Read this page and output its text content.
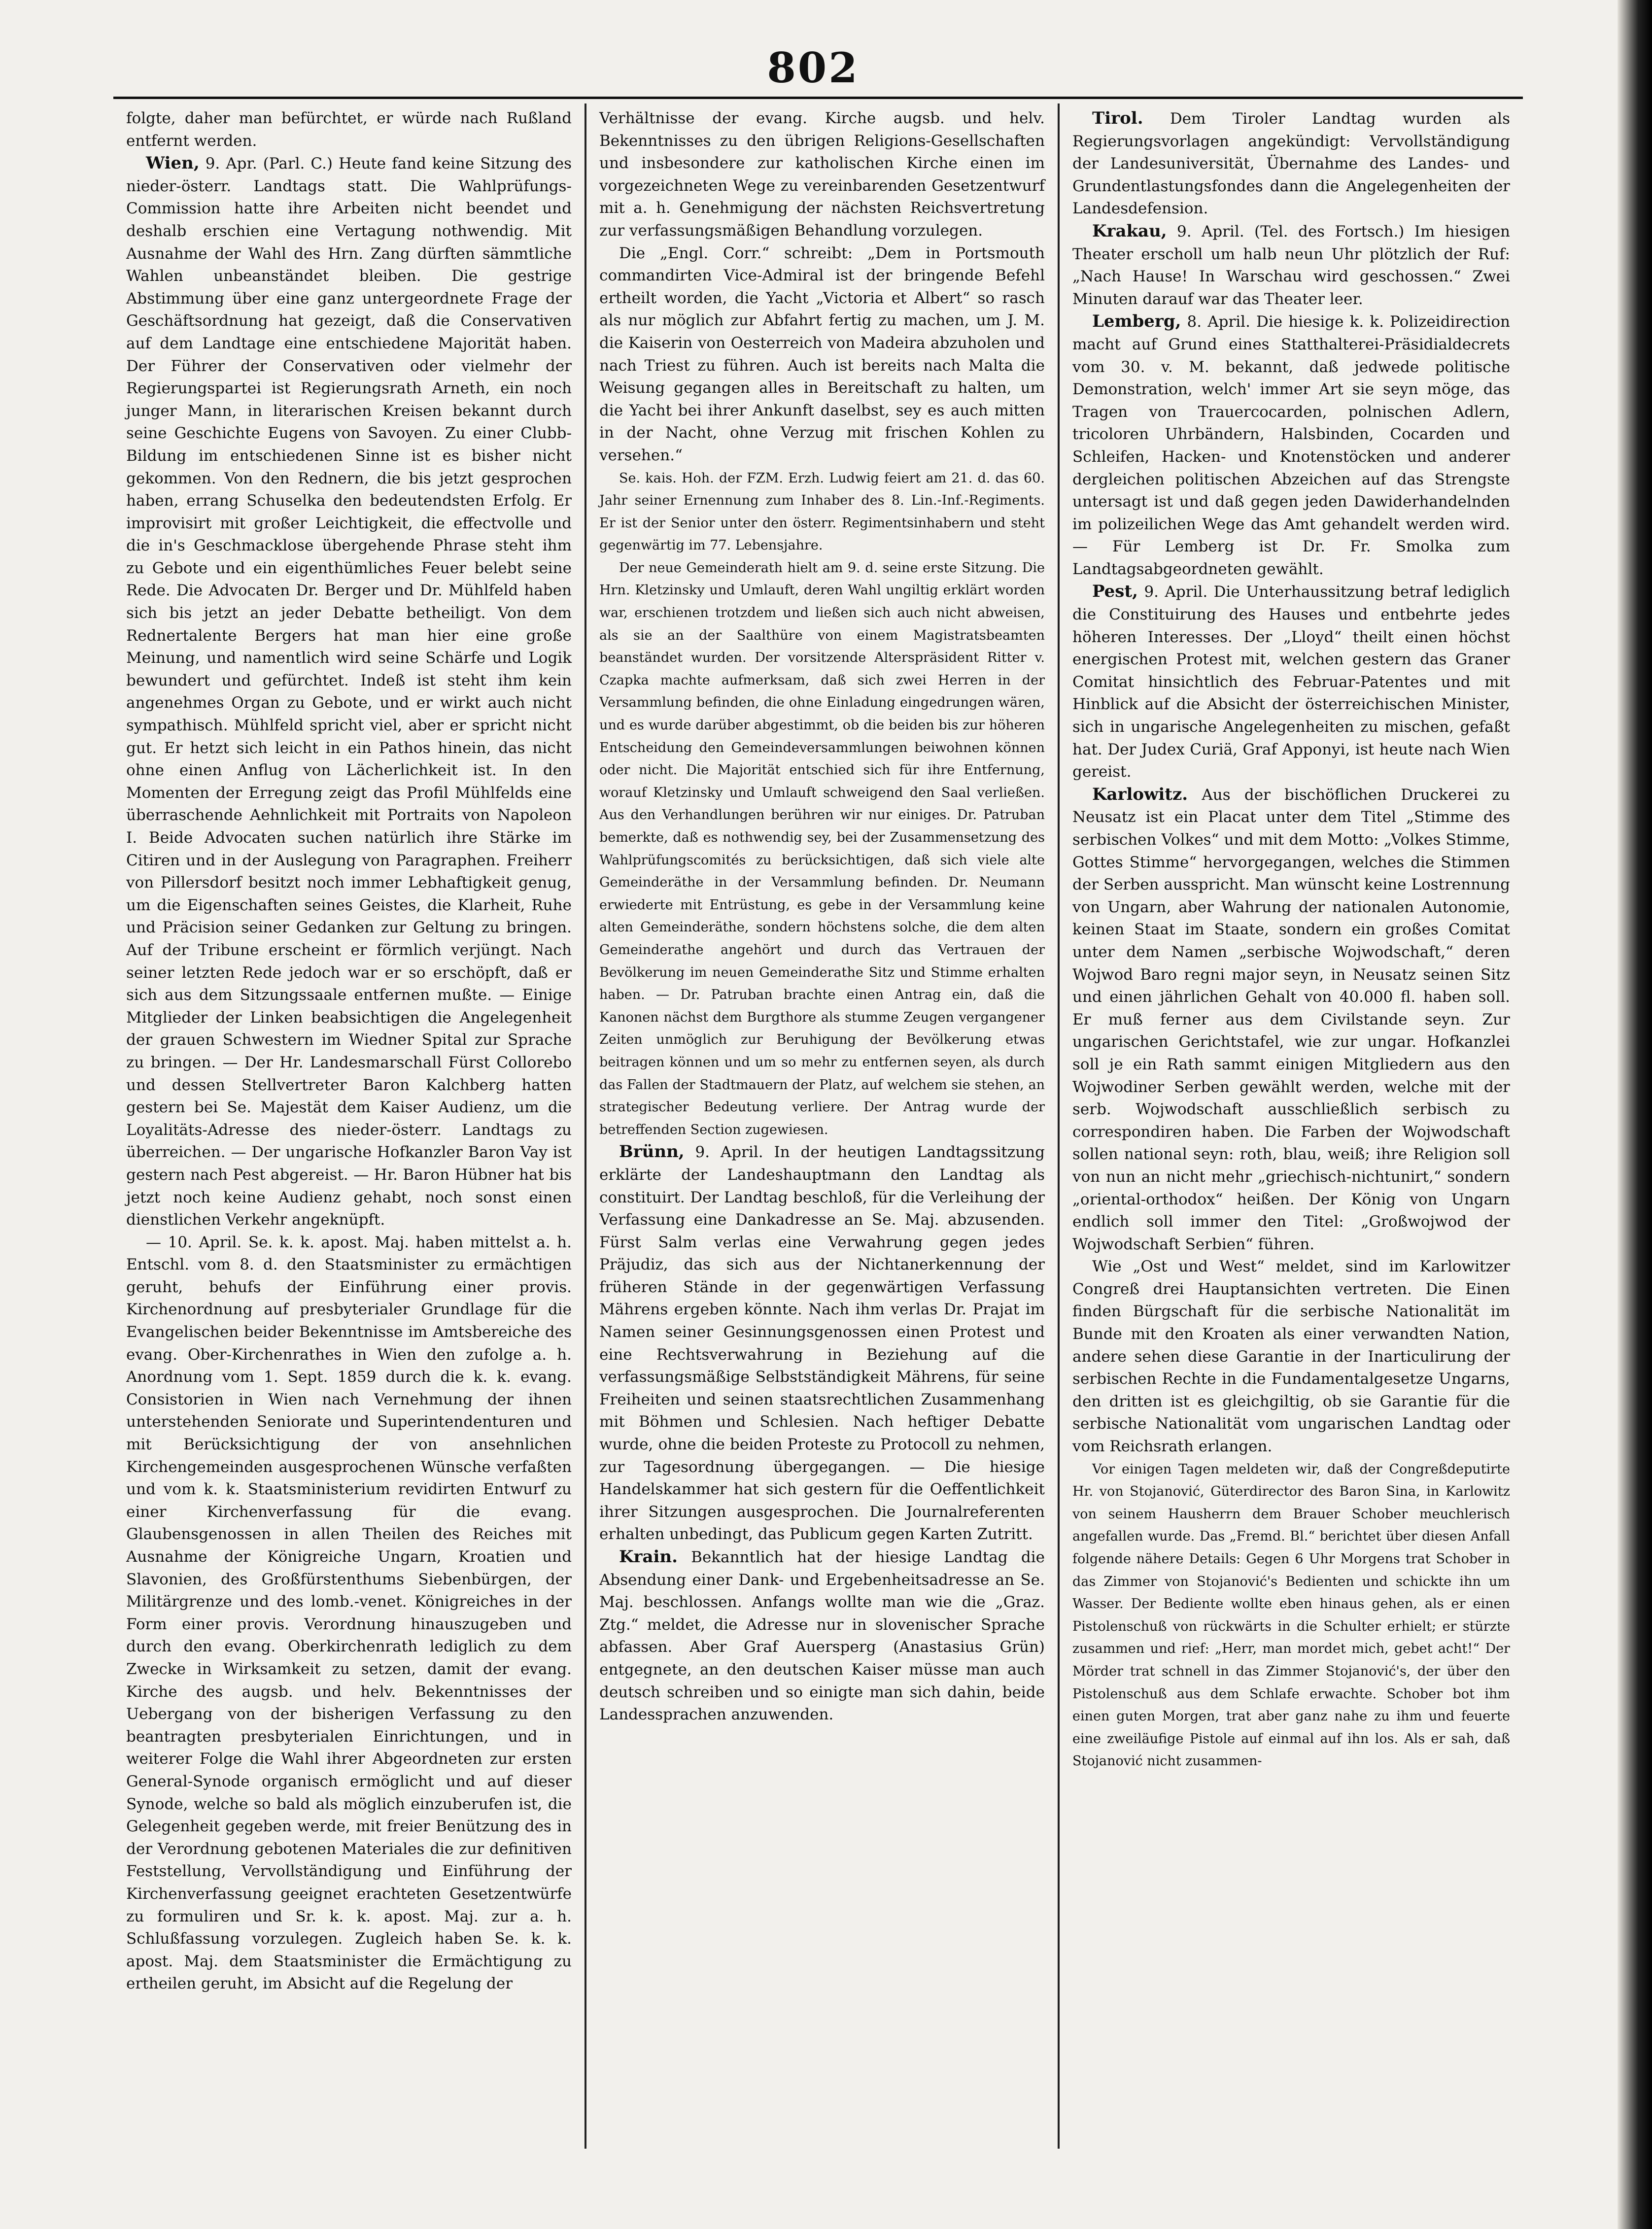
802

folgte, daher man befürchtet, er würde nach Rußland entfernt werden.

Wien, 9. Apr. (Parl. C.) Heute fand keine Sitzung des nieder-österr. Landtags statt. Die Wahlprüfungs-Commission hatte ihre Arbeiten nicht beendet und deshalb erschien eine Vertagung nothwendig. Mit Ausnahme der Wahl des Hrn. Zang dürften sämmtliche Wahlen unbeanständet bleiben. Die gestrige Abstimmung über eine ganz untergeordnete Frage der Geschäftsordnung hat gezeigt, daß die Conservativen auf dem Landtage eine entschiedene Majorität haben. Der Führer der Conservativen oder vielmehr der Regierungspartei ist Regierungsrath Arneth, ein noch junger Mann, in literarischen Kreisen bekannt durch seine Geschichte Eugens von Savoyen. Zu einer Clubb-Bildung im entschiedenen Sinne ist es bisher nicht gekommen. Von den Rednern, die bis jetzt gesprochen haben, errang Schuselka den bedeutendsten Erfolg. Er improvisirt mit großer Leichtigkeit, die effectvolle und die in's Geschmacklose übergehende Phrase steht ihm zu Gebote und ein eigenthümliches Feuer belebt seine Rede. Die Advocaten Dr. Berger und Dr. Mühlfeld haben sich bis jetzt an jeder Debatte betheiligt. Von dem Rednertalente Bergers hat man hier eine große Meinung, und namentlich wird seine Schärfe und Logik bewundert und gefürchtet. Indeß ist steht ihm kein angenehmes Organ zu Gebote, und er wirkt auch nicht sympathisch. Mühlfeld spricht viel, aber er spricht nicht gut. Er hetzt sich leicht in ein Pathos hinein, das nicht ohne einen Anflug von Lächerlichkeit ist. In den Momenten der Erregung zeigt das Profil Mühlfelds eine überraschende Aehnlichkeit mit Portraits von Napoleon I. Beide Advocaten suchen natürlich ihre Stärke im Citiren und in der Auslegung von Paragraphen. Freiherr von Pillersdorf besitzt noch immer Lebhaftigkeit genug, um die Eigenschaften seines Geistes, die Klarheit, Ruhe und Präcision seiner Gedanken zur Geltung zu bringen. Auf der Tribune erscheint er förmlich verjüngt. Nach seiner letzten Rede jedoch war er so erschöpft, daß er sich aus dem Sitzungssaale entfernen mußte. — Einige Mitglieder der Linken beabsichtigen die Angelegenheit der grauen Schwestern im Wiedner Spital zur Sprache zu bringen. — Der Hr. Landesmarschall Fürst Collorebo und dessen Stellvertreter Baron Kalchberg hatten gestern bei Se. Majestät dem Kaiser Audienz, um die Loyalitäts-Adresse des nieder-österr. Landtags zu überreichen. — Der ungarische Hofkanzler Baron Vay ist gestern nach Pest abgereist. — Hr. Baron Hübner hat bis jetzt noch keine Audienz gehabt, noch sonst einen dienstlichen Verkehr angeknüpft.

— 10. April. Se. k. k. apost. Maj. haben mittelst a. h. Entschl. vom 8. d. den Staatsminister zu ermächtigen geruht, behufs der Einführung einer provis. Kirchenordnung auf presbyterialer Grundlage für die Evangelischen beider Bekenntnisse im Amtsbereiche des evang. Ober-Kirchenrathes in Wien den zufolge a. h. Anordnung vom 1. Sept. 1859 durch die k. k. evang. Consistorien in Wien nach Vernehmung der ihnen unterstehenden Seniorate und Superintendenturen und mit Berücksichtigung der von ansehnlichen Kirchengemeinden ausgesprochenen Wünsche verfaßten und vom k. k. Staatsministerium revidirten Entwurf zu einer Kirchenverfassung für die evang. Glaubensgenossen in allen Theilen des Reiches mit Ausnahme der Königreiche Ungarn, Kroatien und Slavonien, des Großfürstenthums Siebenbürgen, der Militärgrenze und des lomb.-venet. Königreiches in der Form einer provis. Verordnung hinauszugeben und durch den evang. Oberkirchenrath lediglich zu dem Zwecke in Wirksamkeit zu setzen, damit der evang. Kirche des augsb. und helv. Bekenntnisses der Uebergang von der bisherigen Verfassung zu den beantragten presbyterialen Einrichtungen, und in weiterer Folge die Wahl ihrer Abgeordneten zur ersten General-Synode organisch ermöglicht und auf dieser Synode, welche so bald als möglich einzuberufen ist, die Gelegenheit gegeben werde, mit freier Benützung des in der Verordnung gebotenen Materiales die zur definitiven Feststellung, Vervollständigung und Einführung der Kirchenverfassung geeignet erachteten Gesetzentwürfe zu formuliren und Sr. k. k. apost. Maj. zur a. h. Schlußfassung vorzulegen. Zugleich haben Se. k. k. apost. Maj. dem Staatsminister die Ermächtigung zu ertheilen geruht, im Absicht auf die Regelung der

Verhältnisse der evang. Kirche augsb. und helv. Bekenntnisses zu den übrigen Religions-Gesellschaften und insbesondere zur katholischen Kirche einen im vorgezeichneten Wege zu vereinbarenden Gesetzentwurf mit a. h. Genehmigung der nächsten Reichsvertretung zur verfassungsmäßigen Behandlung vorzulegen.

Die „Engl. Corr.“ schreibt: „Dem in Portsmouth commandirten Vice-Admiral ist der bringende Befehl ertheilt worden, die Yacht „Victoria et Albert“ so rasch als nur möglich zur Abfahrt fertig zu machen, um J. M. die Kaiserin von Oesterreich von Madeira abzuholen und nach Triest zu führen. Auch ist bereits nach Malta die Weisung gegangen alles in Bereitschaft zu halten, um die Yacht bei ihrer Ankunft daselbst, sey es auch mitten in der Nacht, ohne Verzug mit frischen Kohlen zu versehen.“

Se. kais. Hoh. der FZM. Erzh. Ludwig feiert am 21. d. das 60. Jahr seiner Ernennung zum Inhaber des 8. Lin.-Inf.-Regiments. Er ist der Senior unter den österr. Regimentsinhabern und steht gegenwärtig im 77. Lebensjahre.

Der neue Gemeinderath hielt am 9. d. seine erste Sitzung. Die Hrn. Kletzinsky und Umlauft, deren Wahl ungiltig erklärt worden war, erschienen trotzdem und ließen sich auch nicht abweisen, als sie an der Saalthüre von einem Magistratsbeamten beanständet wurden. Der vorsitzende Alterspräsident Ritter v. Czapka machte aufmerksam, daß sich zwei Herren in der Versammlung befinden, die ohne Einladung eingedrungen wären, und es wurde darüber abgestimmt, ob die beiden bis zur höheren Entscheidung den Gemeindeversammlungen beiwohnen können oder nicht. Die Majorität entschied sich für ihre Entfernung, worauf Kletzinsky und Umlauft schweigend den Saal verließen. Aus den Verhandlungen berühren wir nur einiges. Dr. Patruban bemerkte, daß es nothwendig sey, bei der Zusammensetzung des Wahlprüfungscomités zu berücksichtigen, daß sich viele alte Gemeinderäthe in der Versammlung befinden. Dr. Neumann erwiederte mit Entrüstung, es gebe in der Versammlung keine alten Gemeinderäthe, sondern höchstens solche, die dem alten Gemeinderathe angehört und durch das Vertrauen der Bevölkerung im neuen Gemeinderathe Sitz und Stimme erhalten haben. — Dr. Patruban brachte einen Antrag ein, daß die Kanonen nächst dem Burgthore als stumme Zeugen vergangener Zeiten unmöglich zur Beruhigung der Bevölkerung etwas beitragen können und um so mehr zu entfernen seyen, als durch das Fallen der Stadtmauern der Platz, auf welchem sie stehen, an strategischer Bedeutung verliere. Der Antrag wurde der betreffenden Section zugewiesen.

Brünn, 9. April. In der heutigen Landtagssitzung erklärte der Landeshauptmann den Landtag als constituirt. Der Landtag beschloß, für die Verleihung der Verfassung eine Dankadresse an Se. Maj. abzusenden. Fürst Salm verlas eine Verwahrung gegen jedes Präjudiz, das sich aus der Nichtanerkennung der früheren Stände in der gegenwärtigen Verfassung Mährens ergeben könnte. Nach ihm verlas Dr. Prajat im Namen seiner Gesinnungsgenossen einen Protest und eine Rechtsverwahrung in Beziehung auf die verfassungsmäßige Selbstständigkeit Mährens, für seine Freiheiten und seinen staatsrechtlichen Zusammenhang mit Böhmen und Schlesien. Nach heftiger Debatte wurde, ohne die beiden Proteste zu Protocoll zu nehmen, zur Tagesordnung übergegangen. — Die hiesige Handelskammer hat sich gestern für die Oeffentlichkeit ihrer Sitzungen ausgesprochen. Die Journalreferenten erhalten unbedingt, das Publicum gegen Karten Zutritt.

Krain. Bekanntlich hat der hiesige Landtag die Absendung einer Dank- und Ergebenheitsadresse an Se. Maj. beschlossen. Anfangs wollte man wie die „Graz. Ztg.“ meldet, die Adresse nur in slovenischer Sprache abfassen. Aber Graf Auersperg (Anastasius Grün) entgegnete, an den deutschen Kaiser müsse man auch deutsch schreiben und so einigte man sich dahin, beide Landessprachen anzuwenden.

Tirol. Dem Tiroler Landtag wurden als Regierungsvorlagen angekündigt: Vervollständigung der Landesuniversität, Übernahme des Landes- und Grundentlastungsfondes dann die Angelegenheiten der Landesdefension.

Krakau, 9. April. (Tel. des Fortsch.) Im hiesigen Theater erscholl um halb neun Uhr plötzlich der Ruf: „Nach Hause! In Warschau wird geschossen.“ Zwei Minuten darauf war das Theater leer.

Lemberg, 8. April. Die hiesige k. k. Polizeidirection macht auf Grund eines Statthalterei-Präsidialdecrets vom 30. v. M. bekannt, daß jedwede politische Demonstration, welch' immer Art sie seyn möge, das Tragen von Trauercocarden, polnischen Adlern, tricoloren Uhrbändern, Halsbinden, Cocarden und Schleifen, Hacken- und Knotenstöcken und anderer dergleichen politischen Abzeichen auf das Strengste untersagt ist und daß gegen jeden Dawiderhandelnden im polizeilichen Wege das Amt gehandelt werden wird. — Für Lemberg ist Dr. Fr. Smolka zum Landtagsabgeordneten gewählt.

Pest, 9. April. Die Unterhaussitzung betraf lediglich die Constituirung des Hauses und entbehrte jedes höheren Interesses. Der „Lloyd“ theilt einen höchst energischen Protest mit, welchen gestern das Graner Comitat hinsichtlich des Februar-Patentes und mit Hinblick auf die Absicht der österreichischen Minister, sich in ungarische Angelegenheiten zu mischen, gefaßt hat. Der Judex Curiä, Graf Apponyi, ist heute nach Wien gereist.

Karlowitz. Aus der bischöflichen Druckerei zu Neusatz ist ein Placat unter dem Titel „Stimme des serbischen Volkes“ und mit dem Motto: „Volkes Stimme, Gottes Stimme“ hervorgegangen, welches die Stimmen der Serben ausspricht. Man wünscht keine Lostrennung von Ungarn, aber Wahrung der nationalen Autonomie, keinen Staat im Staate, sondern ein großes Comitat unter dem Namen „serbische Wojwodschaft,“ deren Wojwod Baro regni major seyn, in Neusatz seinen Sitz und einen jährlichen Gehalt von 40.000 fl. haben soll. Er muß ferner aus dem Civilstande seyn. Zur ungarischen Gerichtstafel, wie zur ungar. Hofkanzlei soll je ein Rath sammt einigen Mitgliedern aus den Wojwodiner Serben gewählt werden, welche mit der serb. Wojwodschaft ausschließlich serbisch zu correspondiren haben. Die Farben der Wojwodschaft sollen national seyn: roth, blau, weiß; ihre Religion soll von nun an nicht mehr „griechisch-nichtunirt,“ sondern „oriental-orthodox“ heißen. Der König von Ungarn endlich soll immer den Titel: „Großwojwod der Wojwodschaft Serbien“ führen.

Wie „Ost und West“ meldet, sind im Karlowitzer Congreß drei Hauptansichten vertreten. Die Einen finden Bürgschaft für die serbische Nationalität im Bunde mit den Kroaten als einer verwandten Nation, andere sehen diese Garantie in der Inarticulirung der serbischen Rechte in die Fundamentalgesetze Ungarns, den dritten ist es gleichgiltig, ob sie Garantie für die serbische Nationalität vom ungarischen Landtag oder vom Reichsrath erlangen.

Vor einigen Tagen meldeten wir, daß der Congreßdeputirte Hr. von Stojanović, Güterdirector des Baron Sina, in Karlowitz von seinem Hausherrn dem Brauer Schober meuchlerisch angefallen wurde. Das „Fremd. Bl.“ berichtet über diesen Anfall folgende nähere Details: Gegen 6 Uhr Morgens trat Schober in das Zimmer von Stojanović's Bedienten und schickte ihn um Wasser. Der Bediente wollte eben hinaus gehen, als er einen Pistolenschuß von rückwärts in die Schulter erhielt; er stürzte zusammen und rief: „Herr, man mordet mich, gebet acht!“ Der Mörder trat schnell in das Zimmer Stojanović's, der über den Pistolenschuß aus dem Schlafe erwachte. Schober bot ihm einen guten Morgen, trat aber ganz nahe zu ihm und feuerte eine zweiläufige Pistole auf einmal auf ihn los. Als er sah, daß Stojanović nicht zusammen-
